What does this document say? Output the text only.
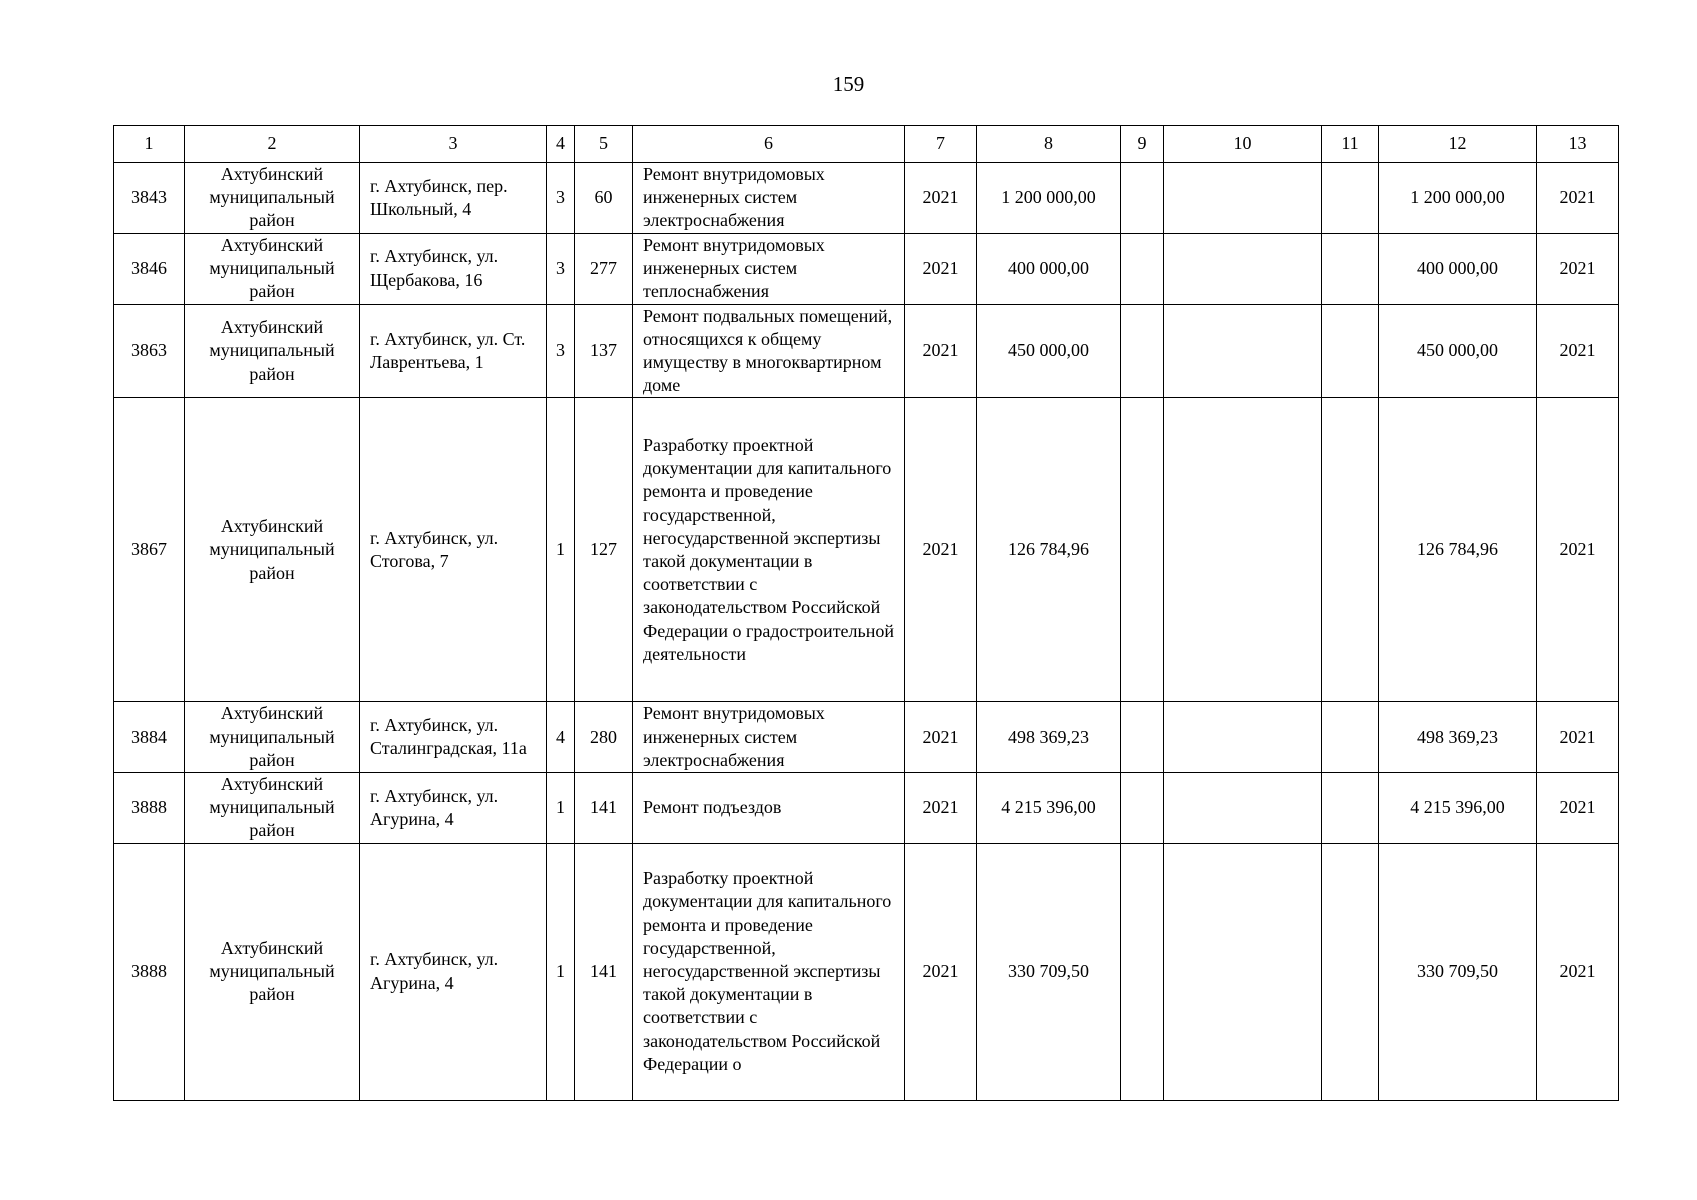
159
1	2	3	4	5	6	7	8	9	10	11	12	13
3843	Ахтубинский муниципальный район	г. Ахтубинск, пер. Школьный, 4	3	60	Ремонт внутридомовых инженерных систем электроснабжения	2021	1 200 000,00				1 200 000,00	2021
3846	Ахтубинский муниципальный район	г. Ахтубинск, ул. Щербакова, 16	3	277	Ремонт внутридомовых инженерных систем теплоснабжения	2021	400 000,00				400 000,00	2021
3863	Ахтубинский муниципальный район	г. Ахтубинск, ул. Ст. Лаврентьева, 1	3	137	Ремонт подвальных помещений, относящихся к общему имуществу в многоквартирном доме	2021	450 000,00				450 000,00	2021
3867	Ахтубинский муниципальный район	г. Ахтубинск, ул. Стогова, 7	1	127	Разработку проектной документации для капитального ремонта и проведение государственной, негосударственной экспертизы такой документации в соответствии с законодательством Российской Федерации о градостроительной деятельности	2021	126 784,96				126 784,96	2021
3884	Ахтубинский муниципальный район	г. Ахтубинск, ул. Сталинградская, 11а	4	280	Ремонт внутридомовых инженерных систем электроснабжения	2021	498 369,23				498 369,23	2021
3888	Ахтубинский муниципальный район	г. Ахтубинск, ул. Агурина, 4	1	141	Ремонт подъездов	2021	4 215 396,00				4 215 396,00	2021
3888	Ахтубинский муниципальный район	г. Ахтубинск, ул. Агурина, 4	1	141	Разработку проектной документации для капитального ремонта и проведение государственной, негосударственной экспертизы такой документации в соответствии с законодательством Российской Федерации о	2021	330 709,50				330 709,50	2021
